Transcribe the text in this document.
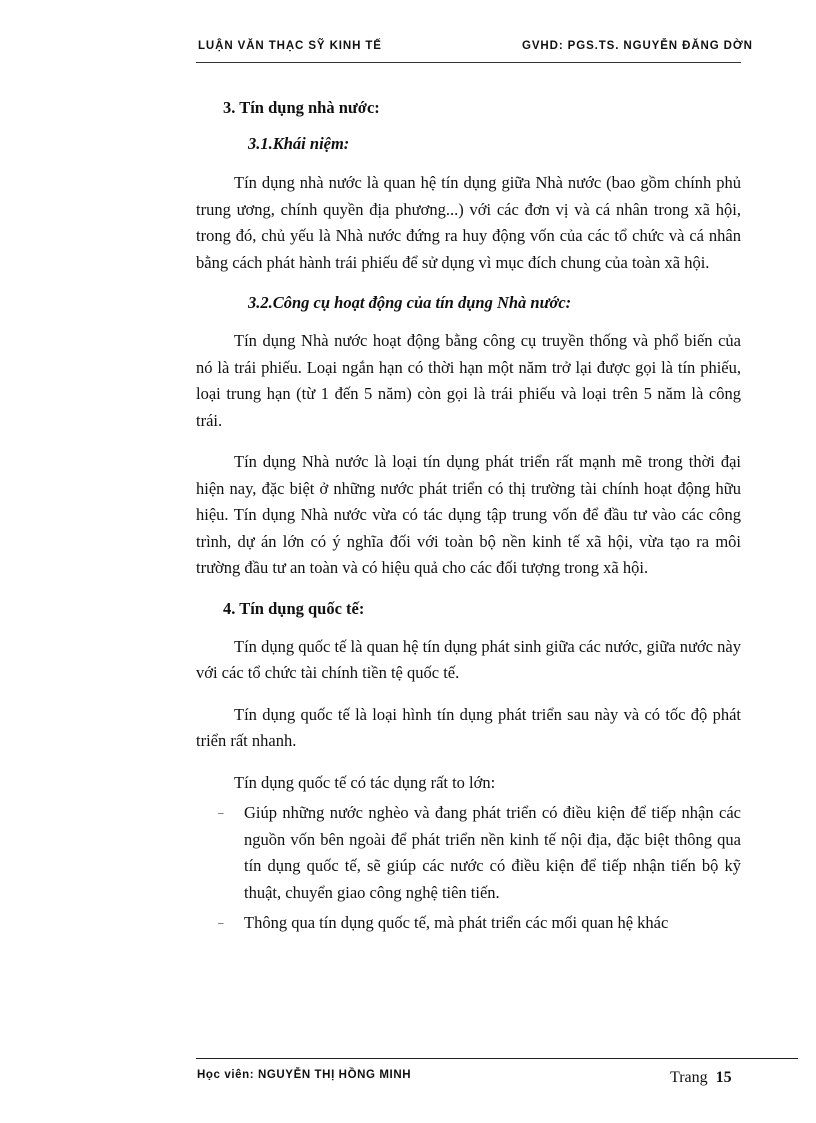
LUẬN VĂN THẠC SỸ KINH TẾ	GVHD: PGS.TS. NGUYỄN ĐĂNG DỜN

3. Tín dụng nhà nước:

3.1.Khái niệm:

Tín dụng nhà nước là quan hệ tín dụng giữa Nhà nước (bao gồm chính phủ trung ương, chính quyền địa phương...) với các đơn vị và cá nhân trong xã hội, trong đó, chủ yếu là Nhà nước đứng ra huy động vốn của các tổ chức và cá nhân bằng cách phát hành trái phiếu để sử dụng vì mục đích chung của toàn xã hội.

3.2.Công cụ hoạt động của tín dụng Nhà nước:

Tín dụng Nhà nước hoạt động bằng công cụ truyền thống và phổ biến của nó là trái phiếu. Loại ngắn hạn có thời hạn một năm trở lại được gọi là tín phiếu, loại trung hạn (từ 1 đến 5 năm) còn gọi là trái phiếu và loại trên 5 năm là công trái.

Tín dụng Nhà nước là loại tín dụng phát triển rất mạnh mẽ trong thời đại hiện nay, đặc biệt ở những nước phát triển có thị trường tài chính hoạt động hữu hiệu. Tín dụng Nhà nước vừa có tác dụng tập trung vốn để đầu tư vào các công trình, dự án lớn có ý nghĩa đối với toàn bộ nền kinh tế xã hội, vừa tạo ra môi trường đầu tư an toàn và có hiệu quả cho các đối tượng trong xã hội.

4. Tín dụng quốc tế:

Tín dụng quốc tế là quan hệ tín dụng phát sinh giữa các nước, giữa nước này với các tổ chức tài chính tiền tệ quốc tế.

Tín dụng quốc tế là loại hình tín dụng phát triển sau này và có tốc độ phát triển rất nhanh.

Tín dụng quốc tế có tác dụng rất to lớn:

–	Giúp những nước nghèo và đang phát triển có điều kiện để tiếp nhận các nguồn vốn bên ngoài để phát triển nền kinh tế nội địa, đặc biệt thông qua tín dụng quốc tế, sẽ giúp các nước có điều kiện để tiếp nhận tiến bộ kỹ thuật, chuyển giao công nghệ tiên tiến.
–	Thông qua tín dụng quốc tế, mà phát triển các mối quan hệ khác
Học viên: NGUYỄN THỊ HỒNG MINH	Trang 15
